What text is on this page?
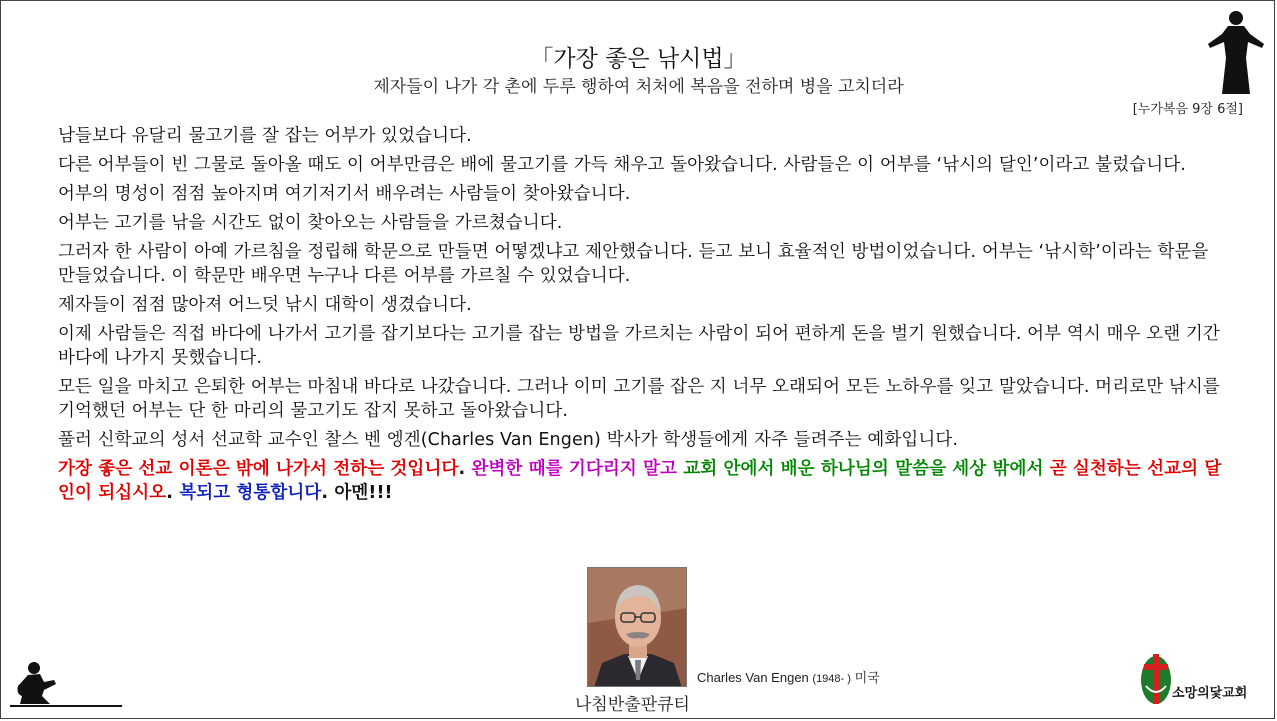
「가장 좋은 낚시법」
제자들이 나가 각 촌에 두루 행하여 처처에 복음을 전하며 병을 고치더라
[누가복음 9장 6절]

남들보다 유달리 물고기를 잘 잡는 어부가 있었습니다.

다른 어부들이 빈 그물로 돌아올 때도 이 어부만큼은 배에 물고기를 가득 채우고 돌아왔습니다. 사람들은 이 어부를 ‘낚시의 달인’이라고 불렀습니다.

어부의 명성이 점점 높아지며 여기저기서 배우려는 사람들이 찾아왔습니다.

어부는 고기를 낚을 시간도 없이 찾아오는 사람들을 가르쳤습니다.

그러자 한 사람이 아예 가르침을 정립해 학문으로 만들면 어떻겠냐고 제안했습니다. 듣고 보니 효율적인 방법이었습니다. 어부는 ‘낚시학’이라는 학문을 만들었습니다. 이 학문만 배우면 누구나 다른 어부를 가르칠 수 있었습니다.

제자들이 점점 많아져 어느덧 낚시 대학이 생겼습니다.

이제 사람들은 직접 바다에 나가서 고기를 잡기보다는 고기를 잡는 방법을 가르치는 사람이 되어 편하게 돈을 벌기 원했습니다. 어부 역시 매우 오랜 기간 바다에 나가지 못했습니다.

모든 일을 마치고 은퇴한 어부는 마침내 바다로 나갔습니다. 그러나 이미 고기를 잡은 지 너무 오래되어 모든 노하우를 잊고 말았습니다. 머리로만 낚시를 기억했던 어부는 단 한 마리의 물고기도 잡지 못하고 돌아왔습니다.

풀러 신학교의 성서 선교학 교수인 찰스 벤 엥겐(Charles Van Engen) 박사가 학생들에게 자주 들려주는 예화입니다.

가장 좋은 선교 이론은 밖에 나가서 전하는 것입니다. 완벽한 때를 기다리지 말고 교회 안에서 배운 하나님의 말씀을 세상 밖에서 곧 실천하는 선교의 달인이 되십시오. 복되고 형통합니다. 아멘!!!

Charles Van Engen (1948- ) 미국
나침반출판큐티
소망의닻교회
